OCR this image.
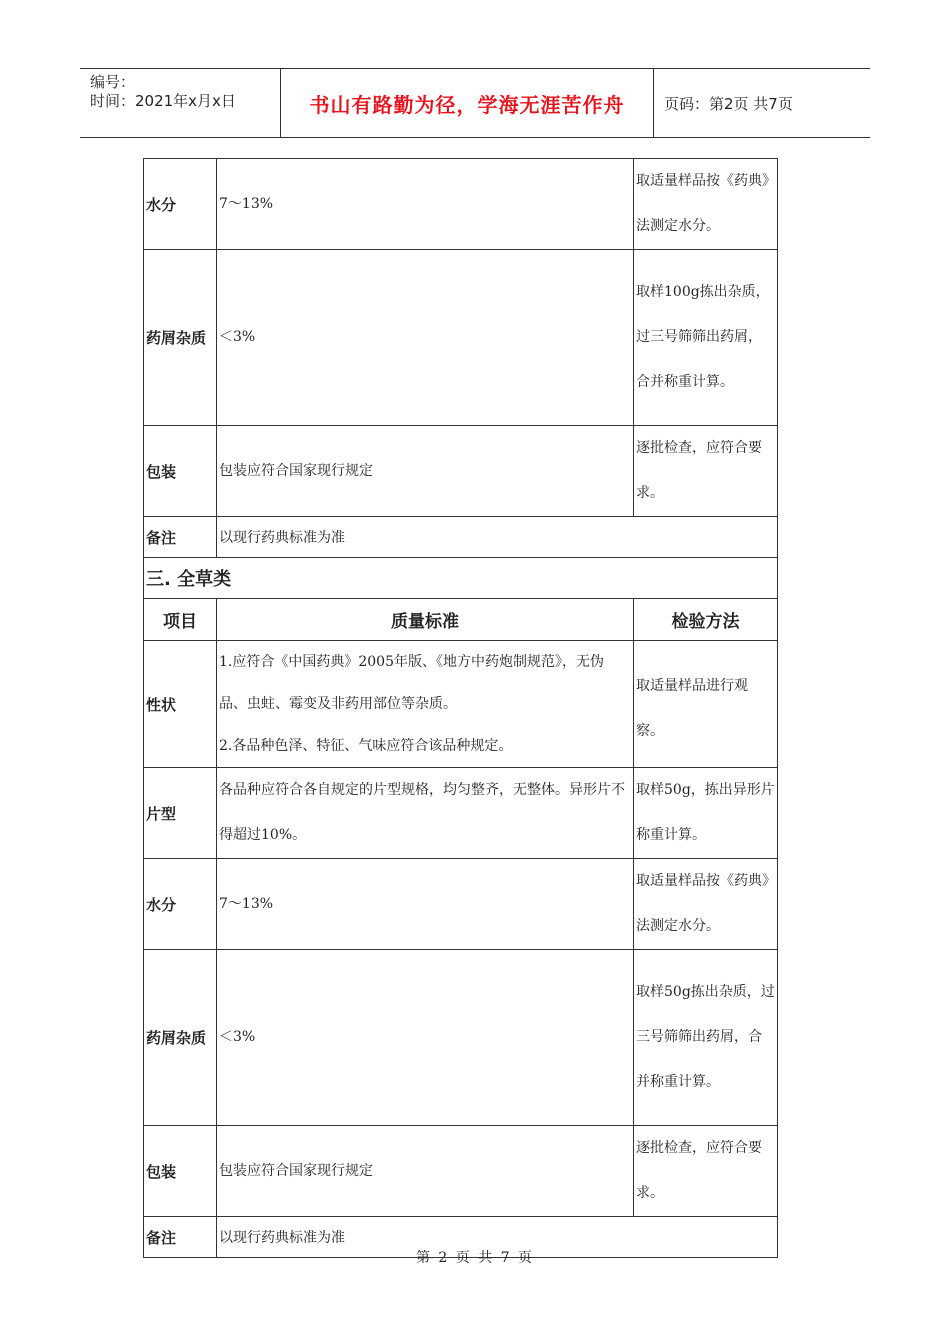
编号：
时间：2021年x月x日	书山有路勤为径，学海无涯苦作舟	页码：第2页 共7页
水分	7～13%	取适量样品按《药典》法测定水分。
药屑杂质	＜3%	取样100g拣出杂质，过三号筛筛出药屑，合并称重计算。
包装	包装应符合国家现行规定	逐批检查，应符合要求。
备注	以现行药典标准为准	
三. 全草类		
项目	质量标准	检验方法
性状	1.应符合《中国药典》2005年版、《地方中药炮制规范》，无伪品、虫蛀、霉变及非药用部位等杂质。
2.各品种色泽、特征、气味应符合该品种规定。	取适量样品进行观察。
片型	各品种应符合各自规定的片型规格，均匀整齐，无整体。异形片不得超过10%。	取样50g，拣出异形片称重计算。
水分	7～13%	取适量样品按《药典》法测定水分。
药屑杂质	＜3%	取样50g拣出杂质，过三号筛筛出药屑，合并称重计算。
包装	包装应符合国家现行规定	逐批检查，应符合要求。
备注	以现行药典标准为准	
第 2 页 共 7 页
